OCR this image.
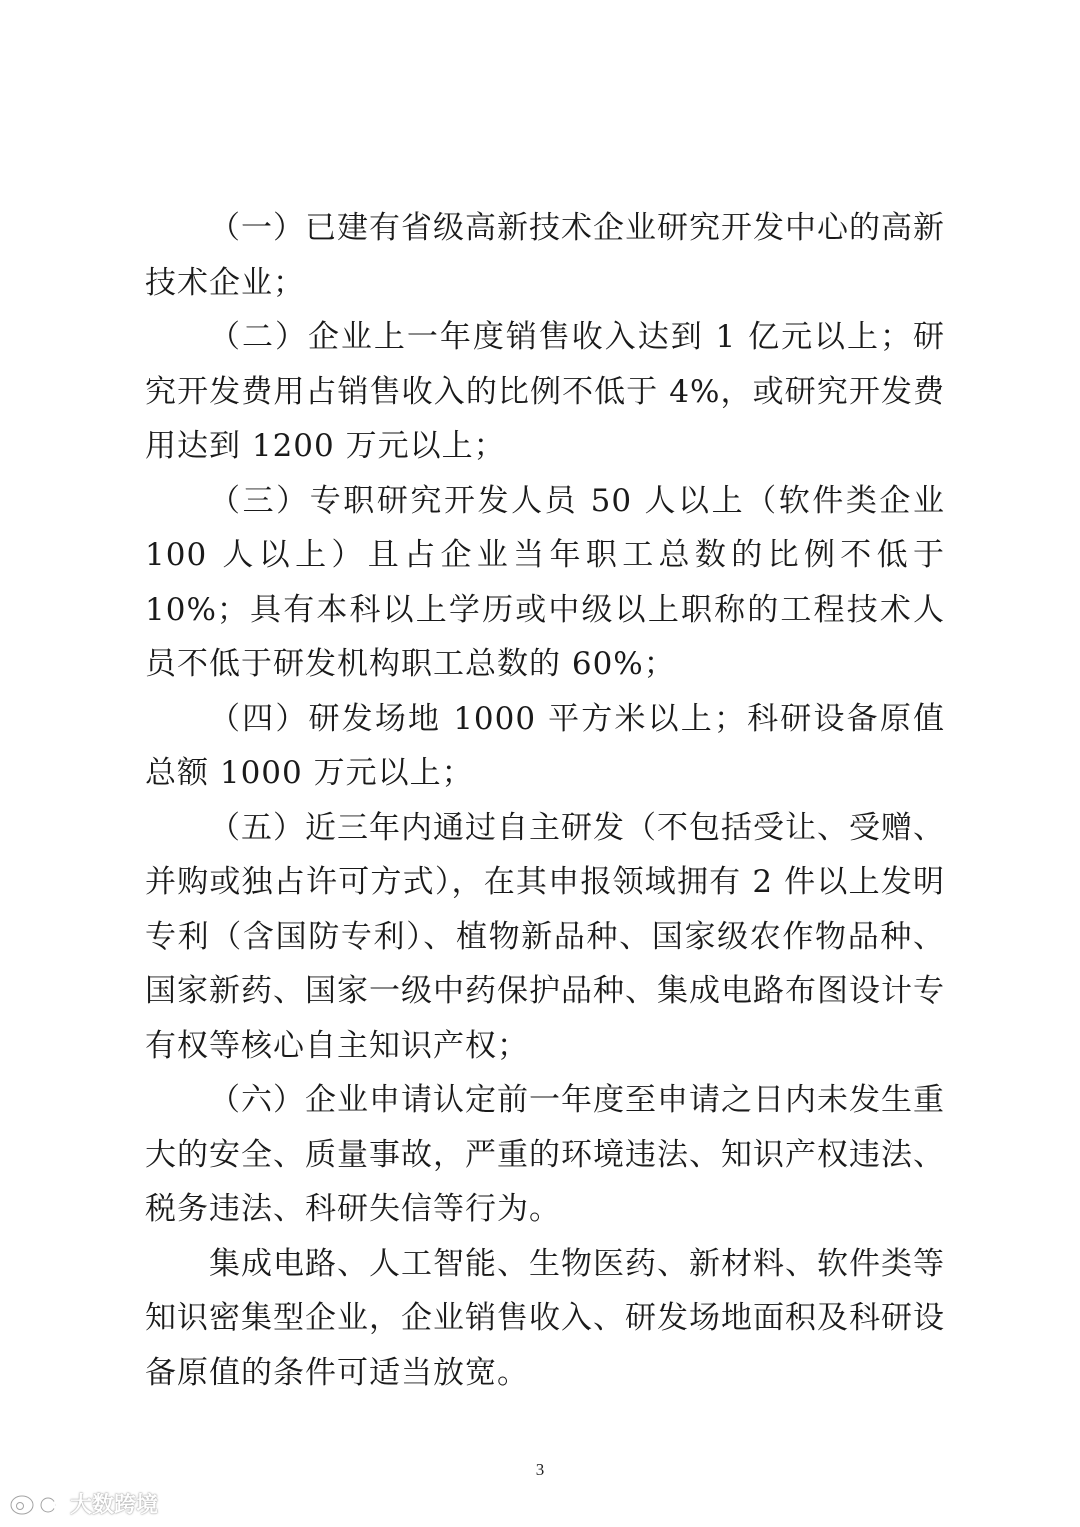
（一）已建有省级高新技术企业研究开发中心的高新技术企业；

（二）企业上一年度销售收入达到 1 亿元以上；研究开发费用占销售收入的比例不低于 4%，或研究开发费用达到 1200 万元以上；

（三）专职研究开发人员 50 人以上（软件类企业 100 人以上）且占企业当年职工总数的比例不低于 10%；具有本科以上学历或中级以上职称的工程技术人员不低于研发机构职工总数的 60%；

（四）研发场地 1000 平方米以上；科研设备原值总额 1000 万元以上；

（五）近三年内通过自主研发（不包括受让、受赠、并购或独占许可方式），在其申报领域拥有 2 件以上发明专利（含国防专利）、植物新品种、国家级农作物品种、国家新药、国家一级中药保护品种、集成电路布图设计专有权等核心自主知识产权；

（六）企业申请认定前一年度至申请之日内未发生重大的安全、质量事故，严重的环境违法、知识产权违法、税务违法、科研失信等行为。

集成电路、人工智能、生物医药、新材料、软件类等知识密集型企业，企业销售收入、研发场地面积及科研设备原值的条件可适当放宽。

3
大数跨境
